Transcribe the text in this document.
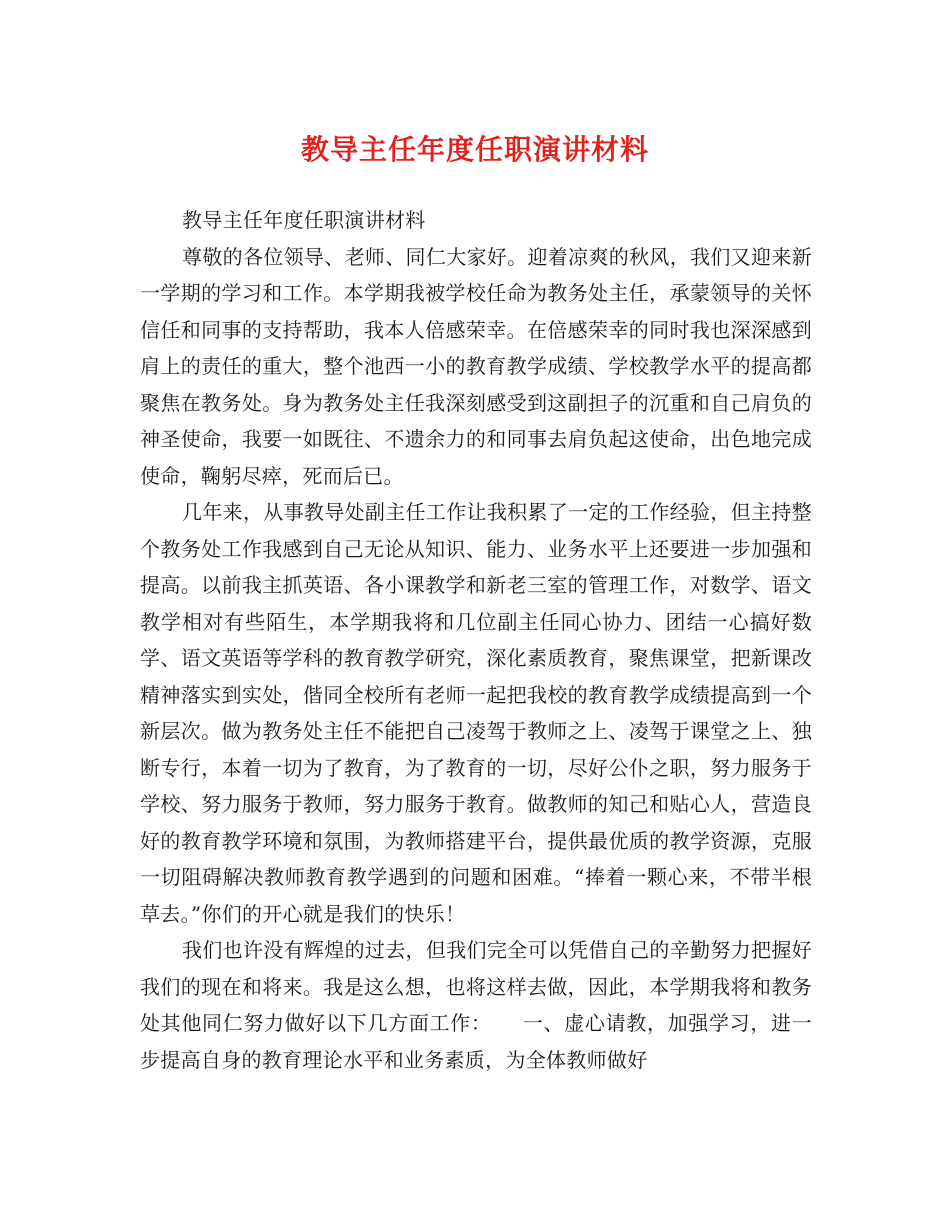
教导主任年度任职演讲材料

教导主任年度任职演讲材料

尊敬的各位领导、老师、同仁大家好。迎着凉爽的秋风，我们又迎来新一学期的学习和工作。本学期我被学校任命为教务处主任，承蒙领导的关怀信任和同事的支持帮助，我本人倍感荣幸。在倍感荣幸的同时我也深深感到肩上的责任的重大，整个池西一小的教育教学成绩、学校教学水平的提高都聚焦在教务处。身为教务处主任我深刻感受到这副担子的沉重和自己肩负的神圣使命，我要一如既往、不遗余力的和同事去肩负起这使命，出色地完成使命，鞠躬尽瘁，死而后已。

几年来，从事教导处副主任工作让我积累了一定的工作经验，但主持整个教务处工作我感到自己无论从知识、能力、业务水平上还要进一步加强和提高。以前我主抓英语、各小课教学和新老三室的管理工作，对数学、语文教学相对有些陌生，本学期我将和几位副主任同心协力、团结一心搞好数学、语文英语等学科的教育教学研究，深化素质教育，聚焦课堂，把新课改精神落实到实处，偕同全校所有老师一起把我校的教育教学成绩提高到一个新层次。做为教务处主任不能把自己凌驾于教师之上、凌驾于课堂之上、独断专行，本着一切为了教育，为了教育的一切，尽好公仆之职，努力服务于学校、努力服务于教师，努力服务于教育。做教师的知己和贴心人，营造良好的教育教学环境和氛围，为教师搭建平台，提供最优质的教学资源，克服一切阻碍解决教师教育教学遇到的问题和困难。“捧着一颗心来，不带半根草去。”你们的开心就是我们的快乐！

我们也许没有辉煌的过去，但我们完全可以凭借自己的辛勤努力把握好我们的现在和将来。我是这么想，也将这样去做，因此，本学期我将和教务处其他同仁努力做好以下几方面工作：　　一、虚心请教，加强学习，进一步提高自身的教育理论水平和业务素质，为全体教师做好
